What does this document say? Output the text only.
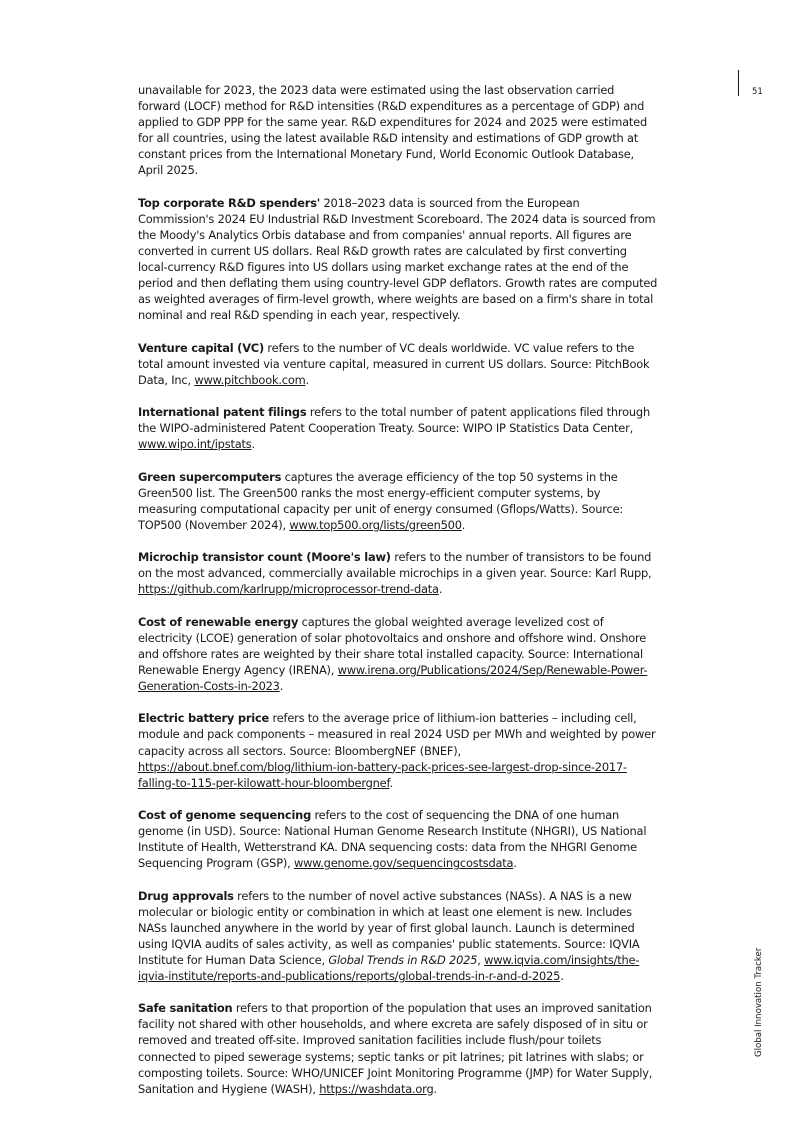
51
Global Innovation Tracker

unavailable for 2023, the 2023 data were estimated using the last observation carried forward (LOCF) method for R&D intensities (R&D expenditures as a percentage of GDP) and applied to GDP PPP for the same year. R&D expenditures for 2024 and 2025 were estimated for all countries, using the latest available R&D intensity and estimations of GDP growth at constant prices from the International Monetary Fund, World Economic Outlook Database, April 2025.

Top corporate R&D spenders' 2018–2023 data is sourced from the European Commission's 2024 EU Industrial R&D Investment Scoreboard. The 2024 data is sourced from the Moody's Analytics Orbis database and from companies' annual reports. All figures are converted in current US dollars. Real R&D growth rates are calculated by first converting local-currency R&D figures into US dollars using market exchange rates at the end of the period and then deflating them using country-level GDP deflators. Growth rates are computed as weighted averages of firm-level growth, where weights are based on a firm's share in total nominal and real R&D spending in each year, respectively.

Venture capital (VC) refers to the number of VC deals worldwide. VC value refers to the total amount invested via venture capital, measured in current US dollars. Source: PitchBook Data, Inc, www.pitchbook.com.

International patent filings refers to the total number of patent applications filed through the WIPO-administered Patent Cooperation Treaty. Source: WIPO IP Statistics Data Center, www.wipo.int/ipstats.

Green supercomputers captures the average efficiency of the top 50 systems in the Green500 list. The Green500 ranks the most energy-efficient computer systems, by measuring computational capacity per unit of energy consumed (Gflops/Watts). Source: TOP500 (November 2024), www.top500.org/lists/green500.

Microchip transistor count (Moore's law) refers to the number of transistors to be found on the most advanced, commercially available microchips in a given year. Source: Karl Rupp, https://github.com/karlrupp/microprocessor-trend-data.

Cost of renewable energy captures the global weighted average levelized cost of electricity (LCOE) generation of solar photovoltaics and onshore and offshore wind. Onshore and offshore rates are weighted by their share total installed capacity. Source: International Renewable Energy Agency (IRENA), www.irena.org/Publications/2024/Sep/Renewable-Power-Generation-Costs-in-2023.

Electric battery price refers to the average price of lithium-ion batteries – including cell, module and pack components – measured in real 2024 USD per MWh and weighted by power capacity across all sectors. Source: BloombergNEF (BNEF), https://about.bnef.com/blog/lithium-ion-battery-pack-prices-see-largest-drop-since-2017-falling-to-115-per-kilowatt-hour-bloombergnef.

Cost of genome sequencing refers to the cost of sequencing the DNA of one human genome (in USD). Source: National Human Genome Research Institute (NHGRI), US National Institute of Health, Wetterstrand KA. DNA sequencing costs: data from the NHGRI Genome Sequencing Program (GSP), www.genome.gov/sequencingcostsdata.

Drug approvals refers to the number of novel active substances (NASs). A NAS is a new molecular or biologic entity or combination in which at least one element is new. Includes NASs launched anywhere in the world by year of first global launch. Launch is determined using IQVIA audits of sales activity, as well as companies' public statements. Source: IQVIA Institute for Human Data Science, Global Trends in R&D 2025, www.iqvia.com/insights/the-iqvia-institute/reports-and-publications/reports/global-trends-in-r-and-d-2025.

Safe sanitation refers to that proportion of the population that uses an improved sanitation facility not shared with other households, and where excreta are safely disposed of in situ or removed and treated off-site. Improved sanitation facilities include flush/pour toilets connected to piped sewerage systems; septic tanks or pit latrines; pit latrines with slabs; or composting toilets. Source: WHO/UNICEF Joint Monitoring Programme (JMP) for Water Supply, Sanitation and Hygiene (WASH), https://washdata.org.
